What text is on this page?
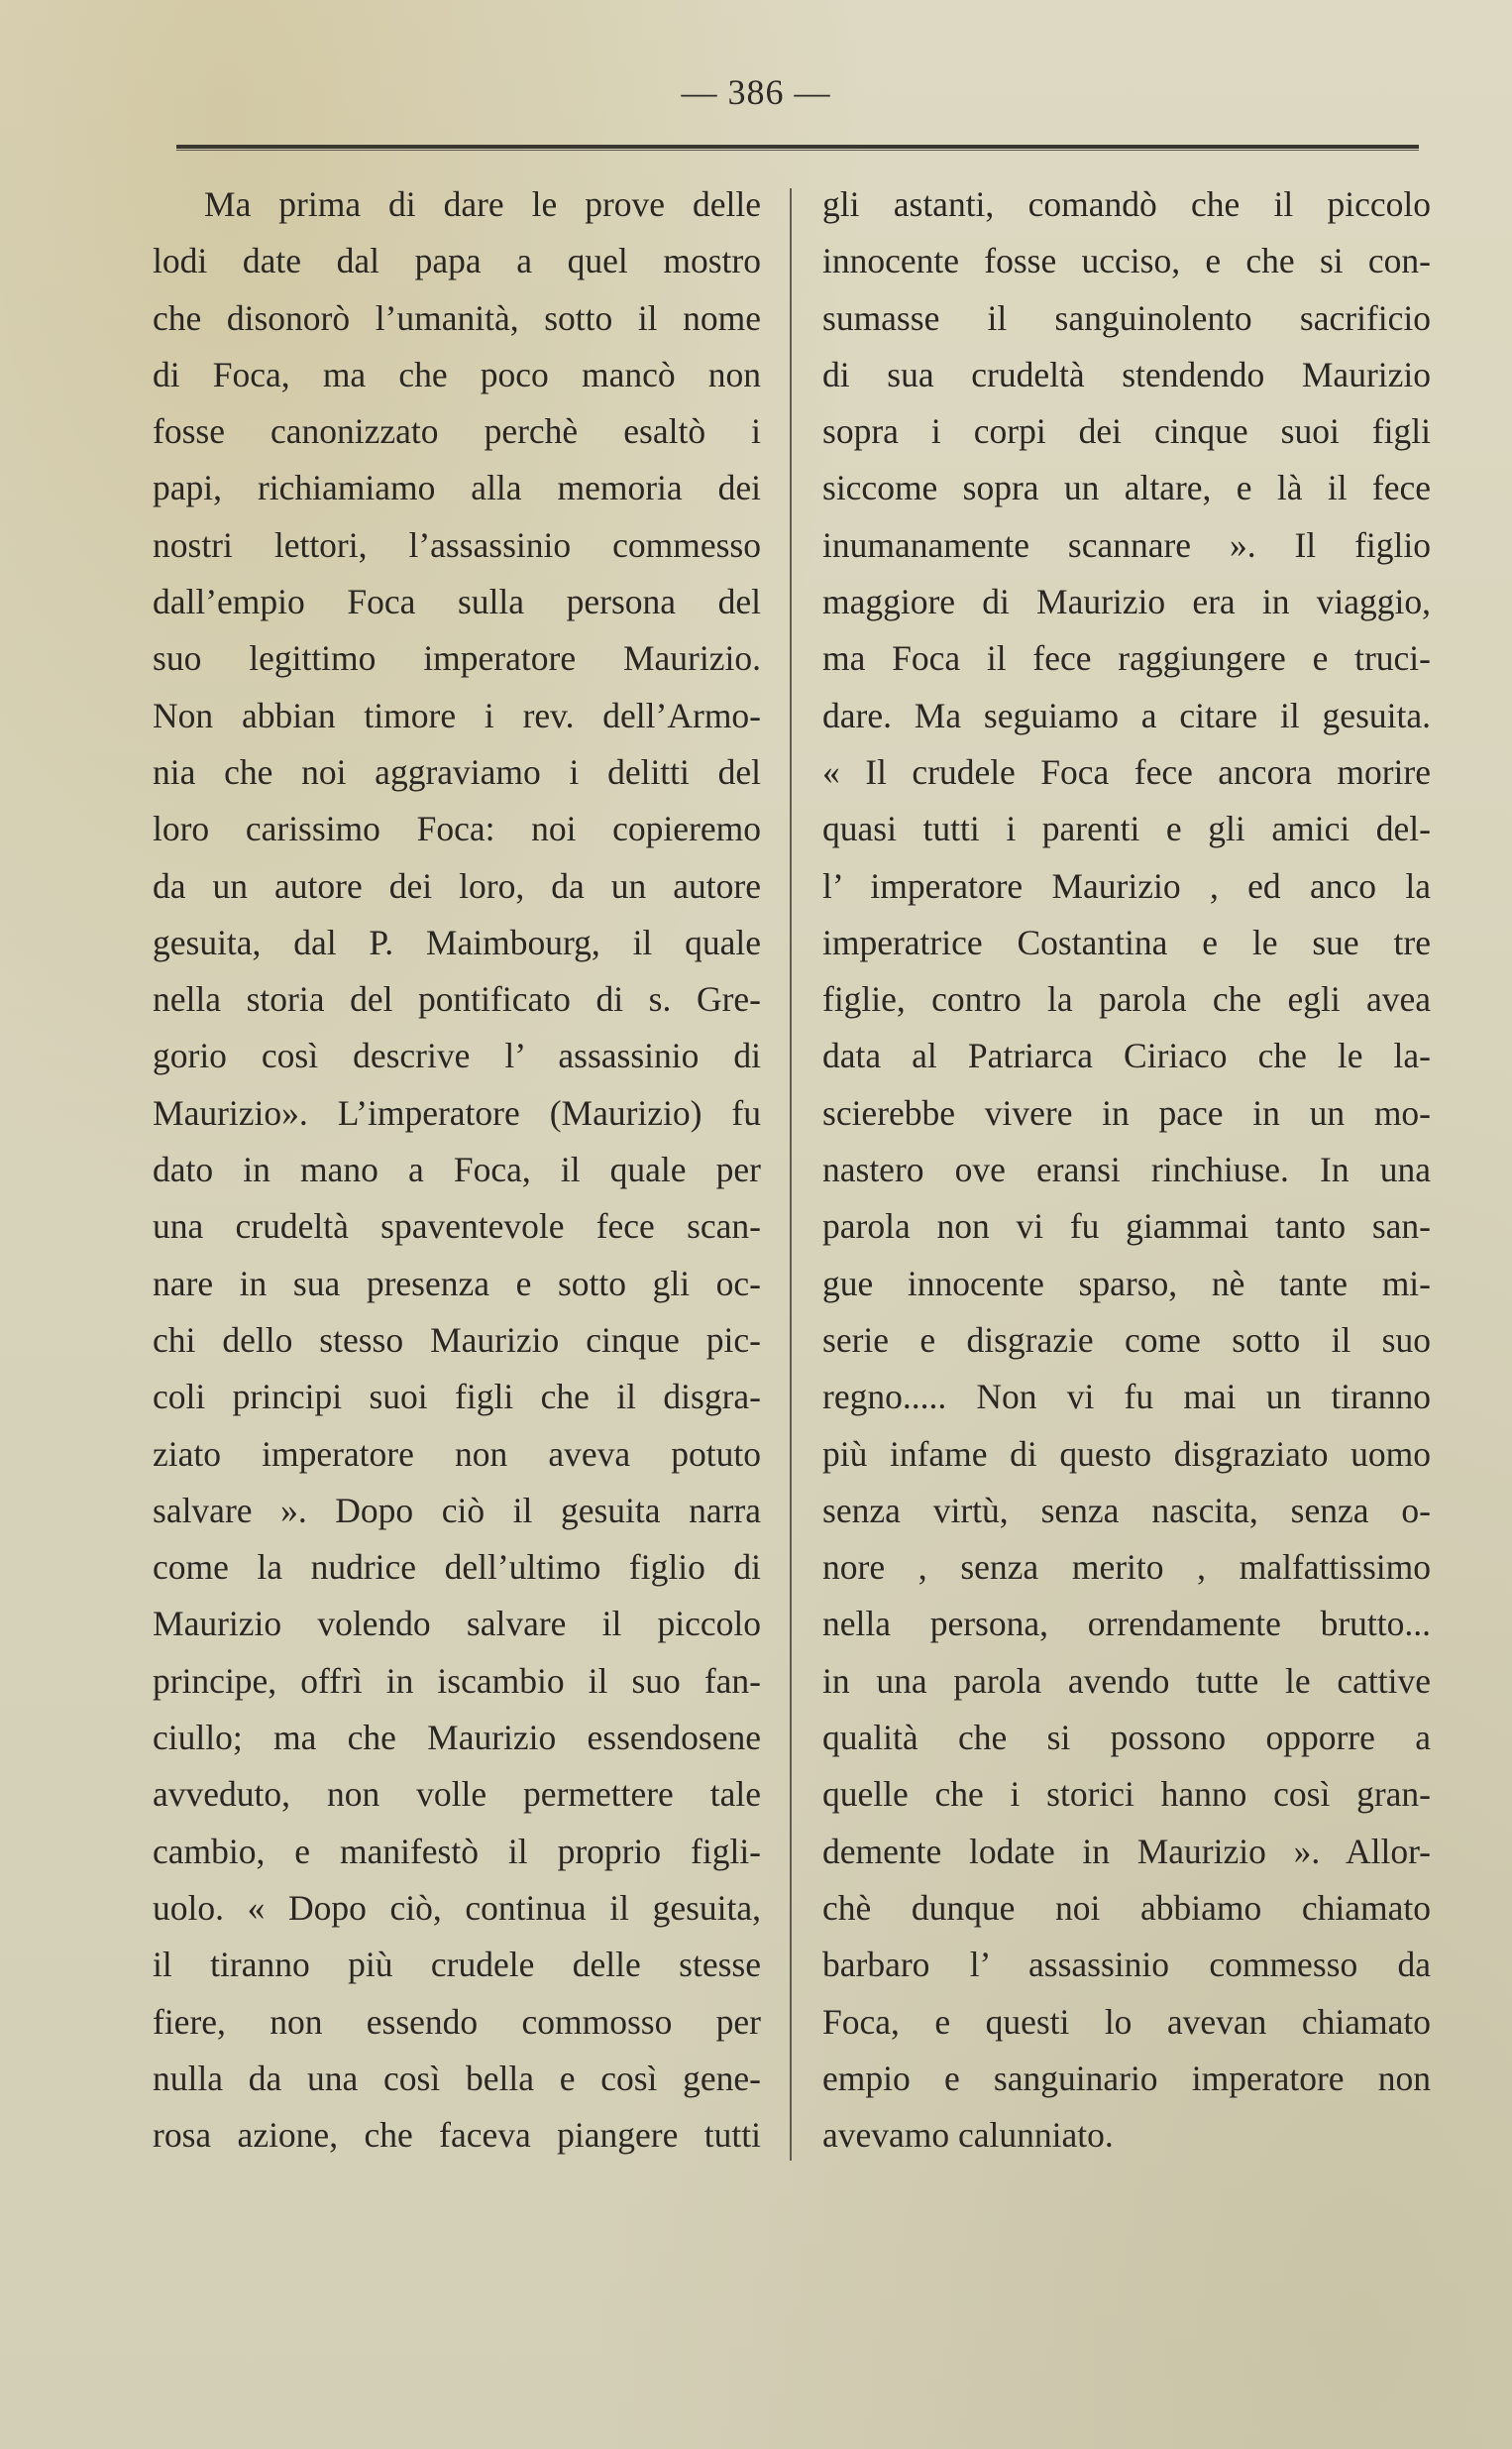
— 386 —
Ma prima di dare le prove delle
lodi date dal papa a quel mostro
che disonorò l’umanità, sotto il nome
di Foca, ma che poco mancò non
fosse canonizzato perchè esaltò i
papi, richiamiamo alla memoria dei
nostri lettori, l’assassinio commesso
dall’empio Foca sulla persona del
suo legittimo imperatore Maurizio.
Non abbian timore i rev. dell’Armo-
nia che noi aggraviamo i delitti del
loro carissimo Foca: noi copieremo
da un autore dei loro, da un autore
gesuita, dal P. Maimbourg, il quale
nella storia del pontificato di s. Gre-
gorio così descrive l’ assassinio di
Maurizio». L’imperatore (Maurizio) fu
dato in mano a Foca, il quale per
una crudeltà spaventevole fece scan-
nare in sua presenza e sotto gli oc-
chi dello stesso Maurizio cinque pic-
coli principi suoi figli che il disgra-
ziato imperatore non aveva potuto
salvare ». Dopo ciò il gesuita narra
come la nudrice dell’ultimo figlio di
Maurizio volendo salvare il piccolo
principe, offrì in iscambio il suo fan-
ciullo; ma che Maurizio essendosene
avveduto, non volle permettere tale
cambio, e manifestò il proprio figli-
uolo. « Dopo ciò, continua il gesuita,
il tiranno più crudele delle stesse
fiere, non essendo commosso per
nulla da una così bella e così gene-
rosa azione, che faceva piangere tutti
gli astanti, comandò che il piccolo
innocente fosse ucciso, e che si con-
sumasse il sanguinolento sacrificio
di sua crudeltà stendendo Maurizio
sopra i corpi dei cinque suoi figli
siccome sopra un altare, e là il fece
inumanamente scannare ». Il figlio
maggiore di Maurizio era in viaggio,
ma Foca il fece raggiungere e truci-
dare. Ma seguiamo a citare il gesuita.
« Il crudele Foca fece ancora morire
quasi tutti i parenti e gli amici del-
l’ imperatore Maurizio , ed anco la
imperatrice Costantina e le sue tre
figlie, contro la parola che egli avea
data al Patriarca Ciriaco che le la-
scierebbe vivere in pace in un mo-
nastero ove eransi rinchiuse. In una
parola non vi fu giammai tanto san-
gue innocente sparso, nè tante mi-
serie e disgrazie come sotto il suo
regno..... Non vi fu mai un tiranno
più infame di questo disgraziato uomo
senza virtù, senza nascita, senza o-
nore , senza merito , malfattissimo
nella persona, orrendamente brutto...
in una parola avendo tutte le cattive
qualità che si possono opporre a
quelle che i storici hanno così gran-
demente lodate in Maurizio ». Allor-
chè dunque noi abbiamo chiamato
barbaro l’ assassinio commesso da
Foca, e questi lo avevan chiamato
empio e sanguinario imperatore non
avevamo calunniato.
